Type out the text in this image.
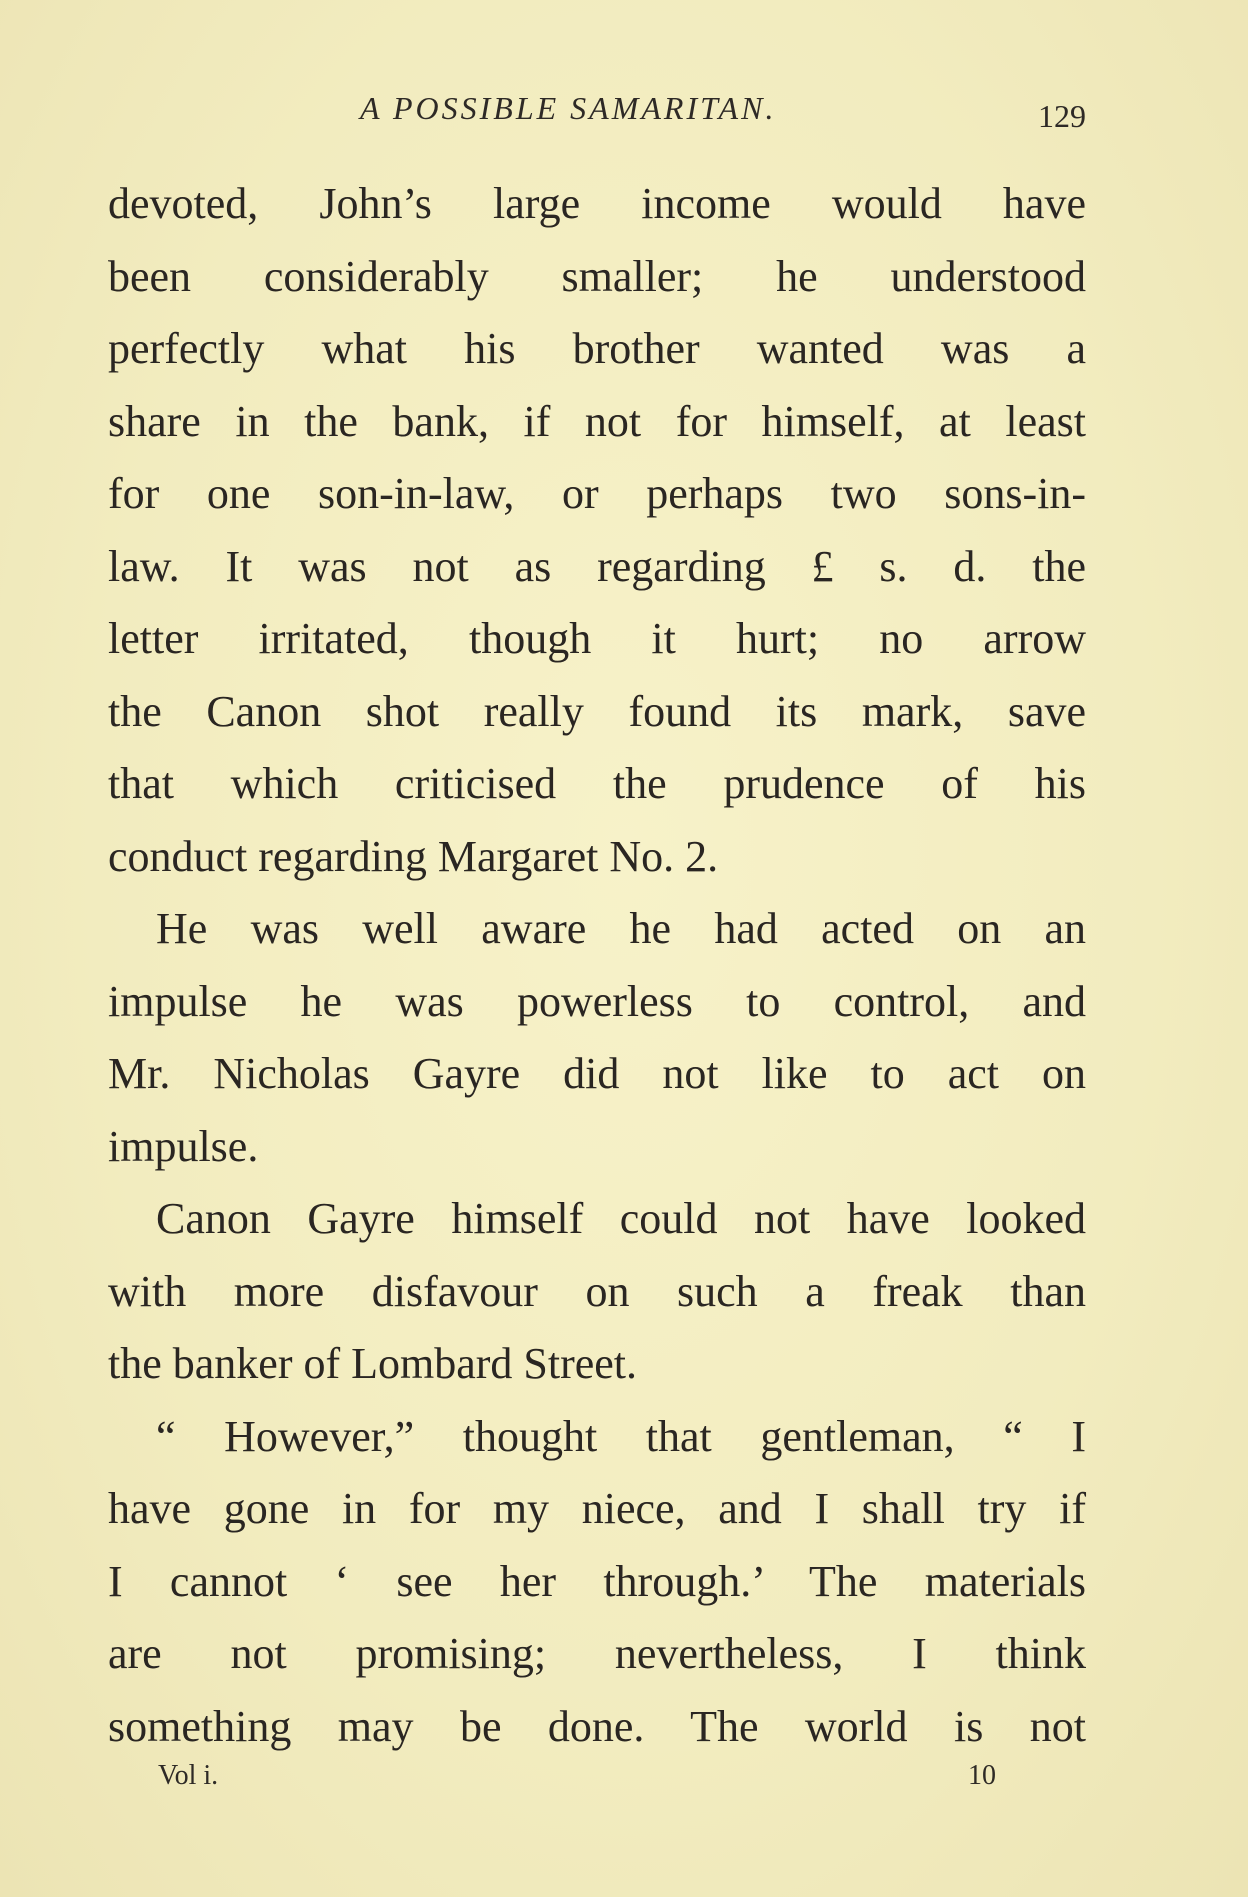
A POSSIBLE SAMARITAN.	129
devoted, John’s large income would have
been considerably smaller; he understood
perfectly what his brother wanted was a
share in the bank, if not for himself, at least
for one son-in-law, or perhaps two sons-in-
law. It was not as regarding £ s. d. the
letter irritated, though it hurt; no arrow
the Canon shot really found its mark, save
that which criticised the prudence of his
conduct regarding Margaret No. 2.
He was well aware he had acted on an
impulse he was powerless to control, and
Mr. Nicholas Gayre did not like to act on
impulse.
Canon Gayre himself could not have looked
with more disfavour on such a freak than
the banker of Lombard Street.
“ However,” thought that gentleman, “ I
have gone in for my niece, and I shall try if
I cannot ‘ see her through.’ The materials
are not promising; nevertheless, I think
something may be done. The world is not
Vol i.	10
